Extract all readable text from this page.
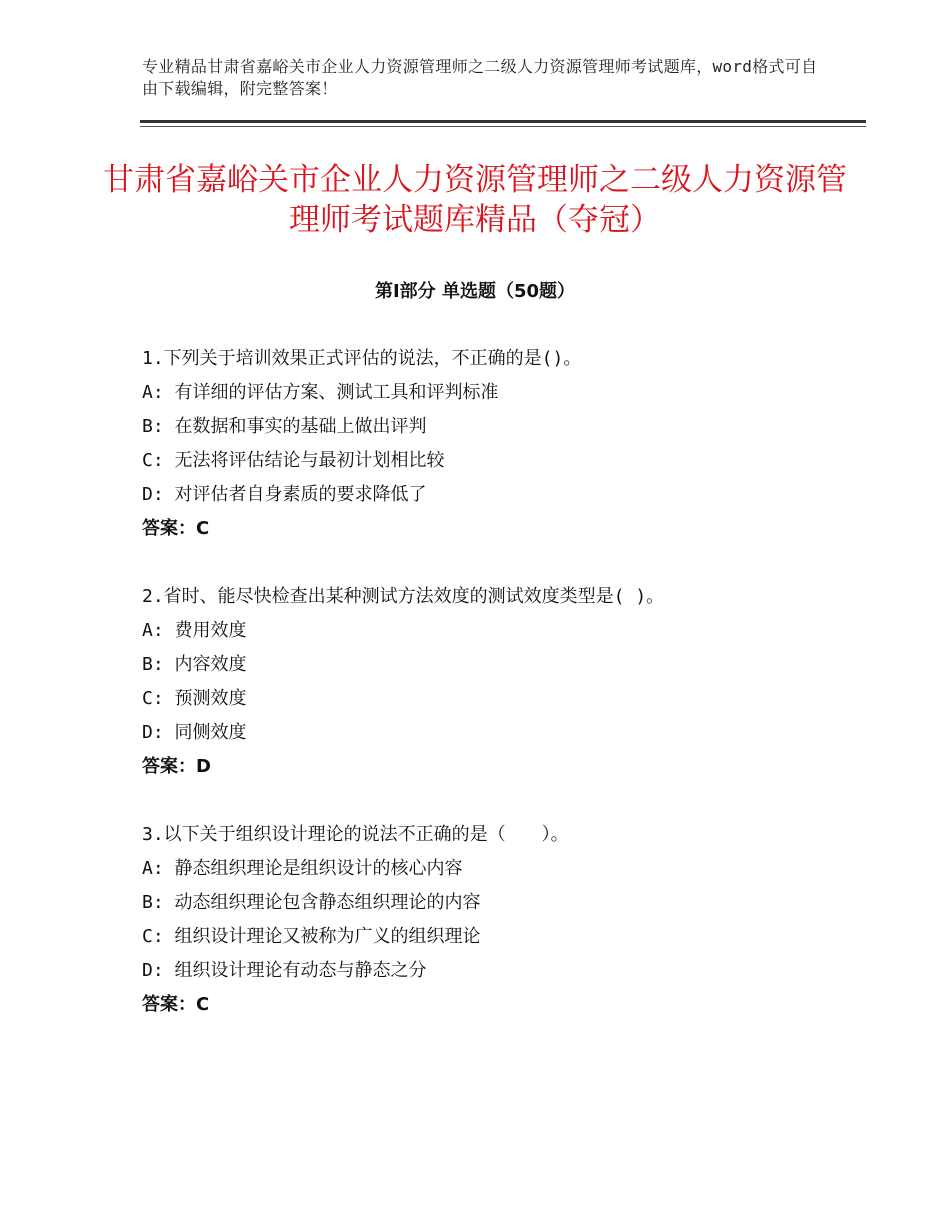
专业精品甘肃省嘉峪关市企业人力资源管理师之二级人力资源管理师考试题库，word格式可自由下载编辑，附完整答案！
甘肃省嘉峪关市企业人力资源管理师之二级人力资源管理师考试题库精品（夺冠）
第Ⅰ部分 单选题（50题）
1.下列关于培训效果正式评估的说法，不正确的是()。
A: 有详细的评估方案、测试工具和评判标准
B: 在数据和事实的基础上做出评判
C: 无法将评估结论与最初计划相比较
D: 对评估者自身素质的要求降低了
答案：C
2.省时、能尽快检查出某种测试方法效度的测试效度类型是( )。
A: 费用效度
B: 内容效度
C: 预测效度
D: 同侧效度
答案：D
3.以下关于组织设计理论的说法不正确的是（　　）。
A: 静态组织理论是组织设计的核心内容
B: 动态组织理论包含静态组织理论的内容
C: 组织设计理论又被称为广义的组织理论
D: 组织设计理论有动态与静态之分
答案：C
